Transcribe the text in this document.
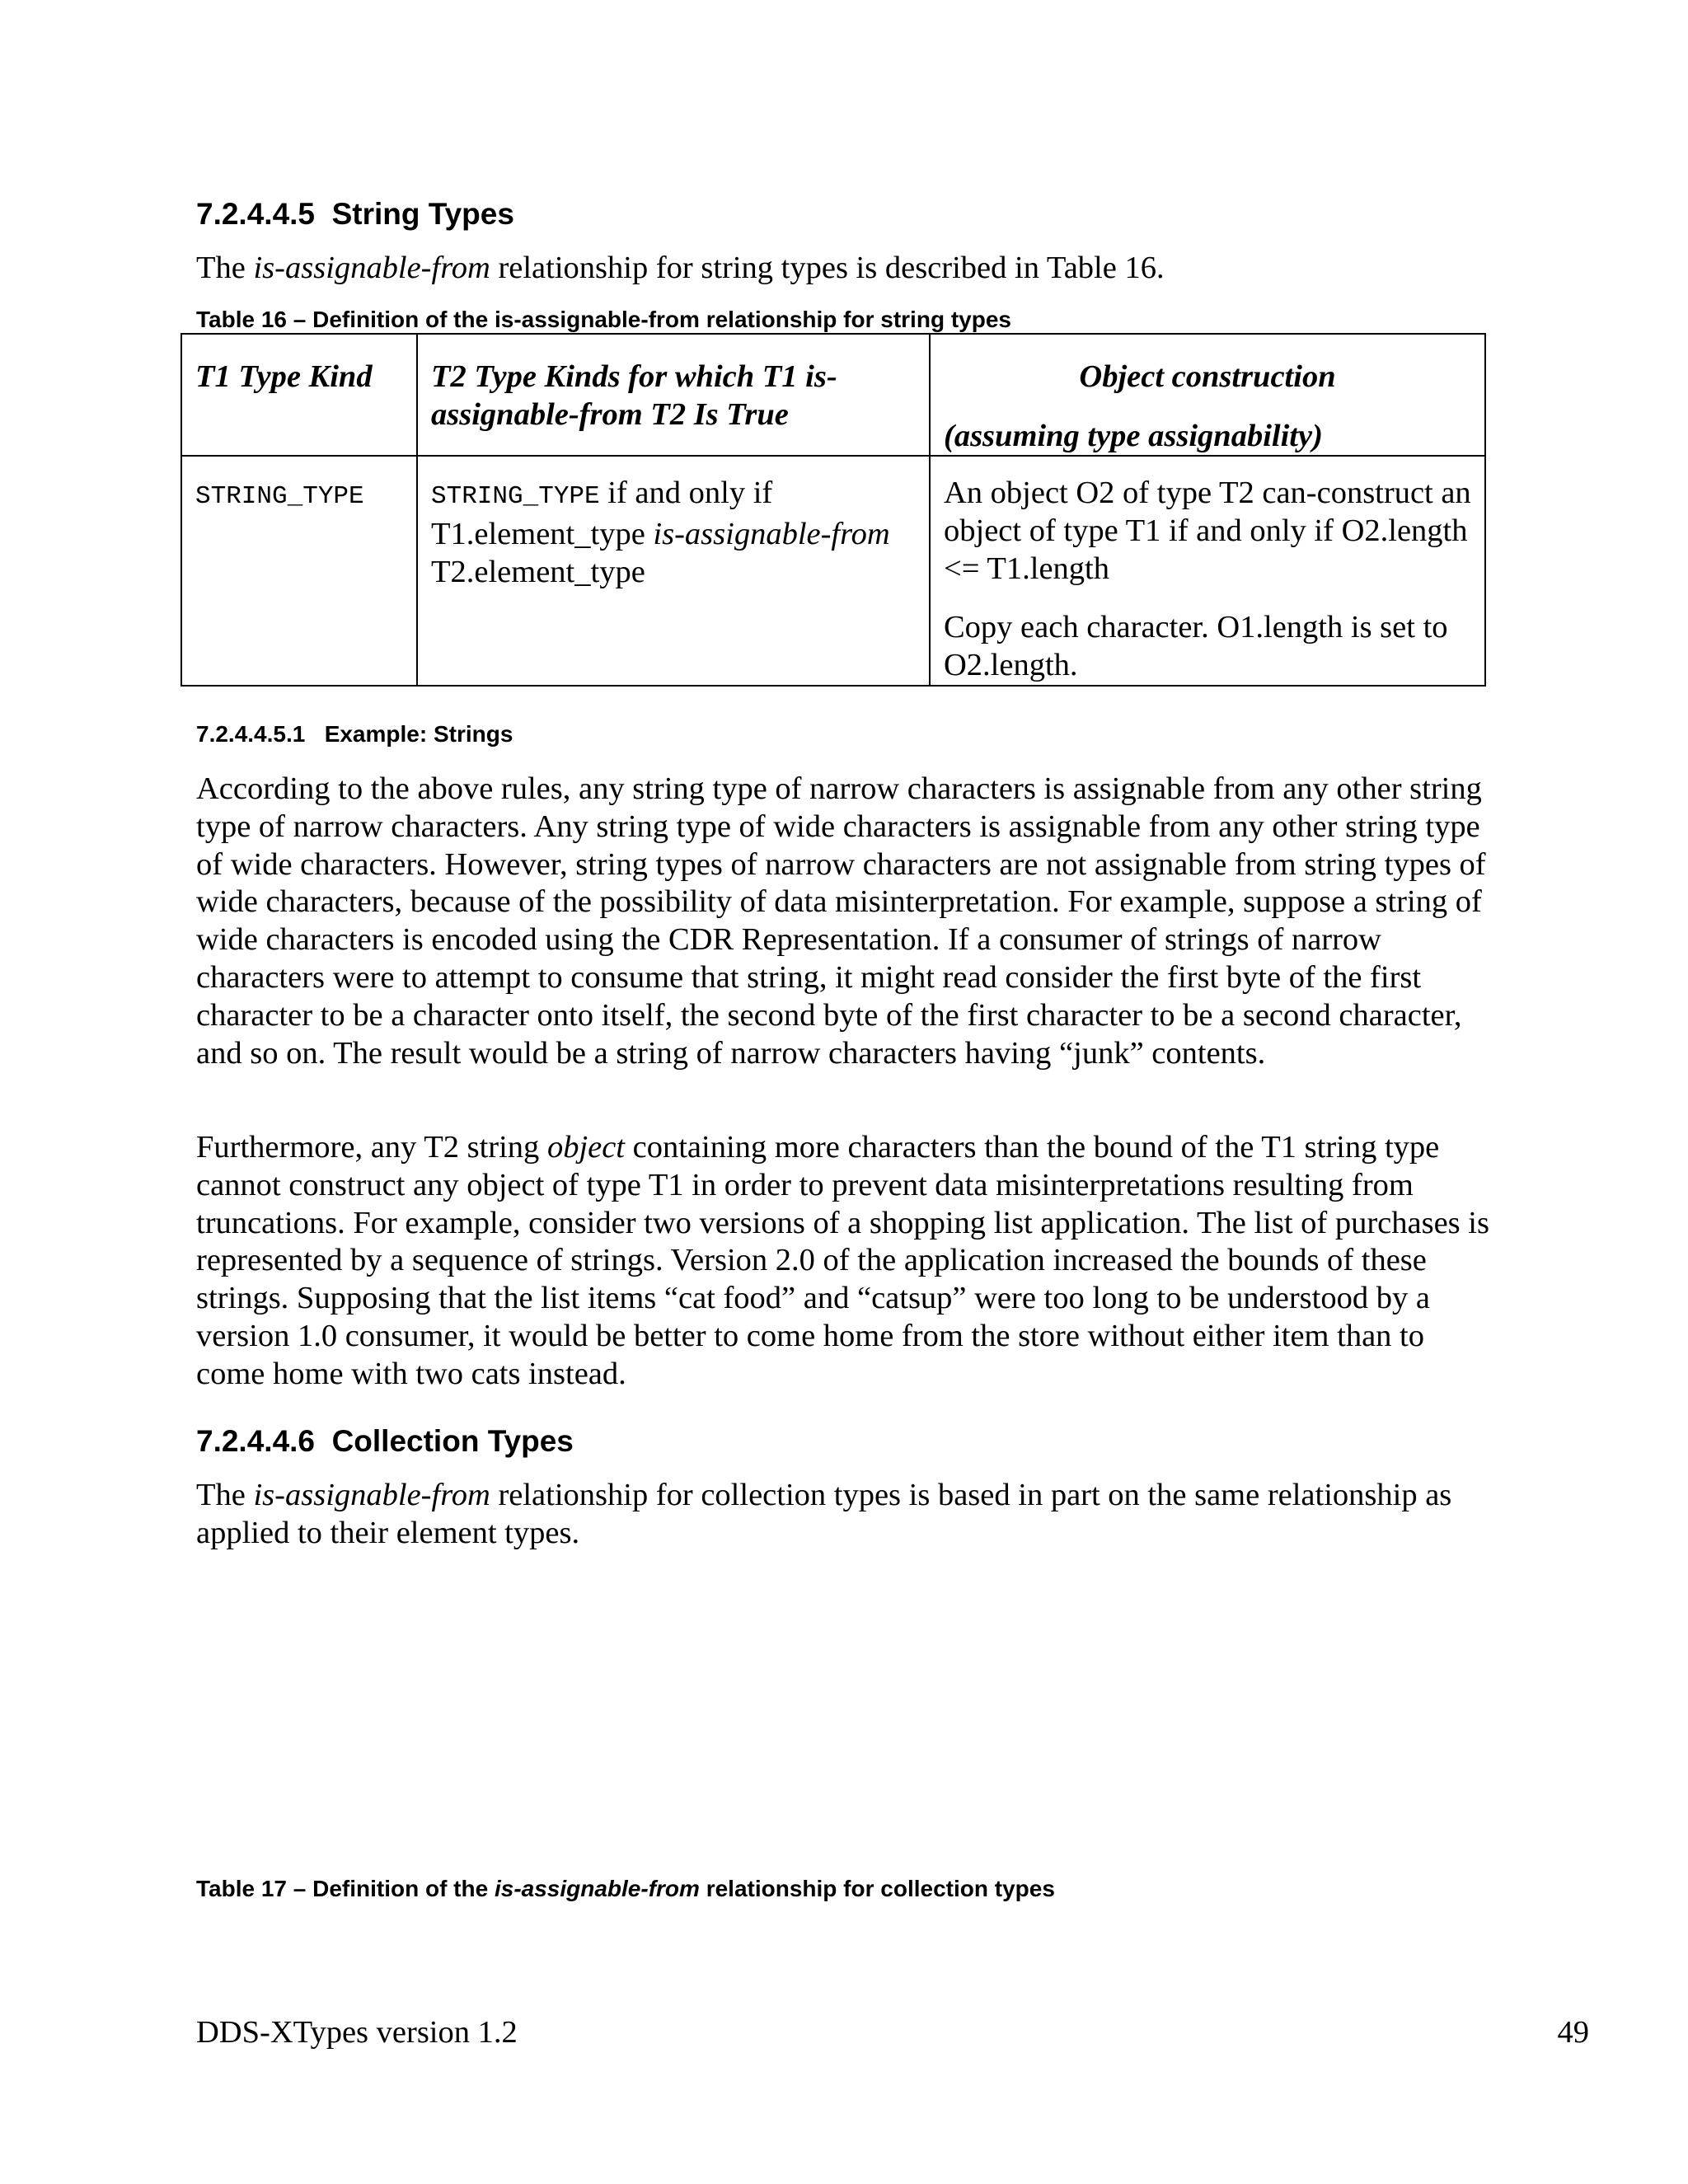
7.2.4.4.5 String Types
The is-assignable-from relationship for string types is described in Table 16.
Table 16 – Definition of the is-assignable-from relationship for string types
T1 Type Kind	T2 Type Kinds for which T1 is-assignable-from T2 Is True	Object construction
(assuming type assignability)

STRING_TYPE	STRING_TYPE if and only if T1.element_type is-assignable-from T2.element_type	An object O2 of type T2 can-construct an object of type T1 if and only if O2.length <= T1.length

Copy each character. O1.length is set to O2.length.

7.2.4.4.5.1 Example: Strings
According to the above rules, any string type of narrow characters is assignable from any other string type of narrow characters. Any string type of wide characters is assignable from any other string type of wide characters. However, string types of narrow characters are not assignable from string types of wide characters, because of the possibility of data misinterpretation. For example, suppose a string of wide characters is encoded using the CDR Representation. If a consumer of strings of narrow characters were to attempt to consume that string, it might read consider the first byte of the first character to be a character onto itself, the second byte of the first character to be a second character, and so on. The result would be a string of narrow characters having “junk” contents.
Furthermore, any T2 string object containing more characters than the bound of the T1 string type cannot construct any object of type T1 in order to prevent data misinterpretations resulting from truncations. For example, consider two versions of a shopping list application. The list of purchases is represented by a sequence of strings. Version 2.0 of the application increased the bounds of these strings. Supposing that the list items “cat food” and “catsup” were too long to be understood by a version 1.0 consumer, it would be better to come home from the store without either item than to come home with two cats instead.
7.2.4.4.6 Collection Types
The is-assignable-from relationship for collection types is based in part on the same relationship as applied to their element types.
Table 17 – Definition of the is-assignable-from relationship for collection types
DDS-XTypes version 1.2	49
